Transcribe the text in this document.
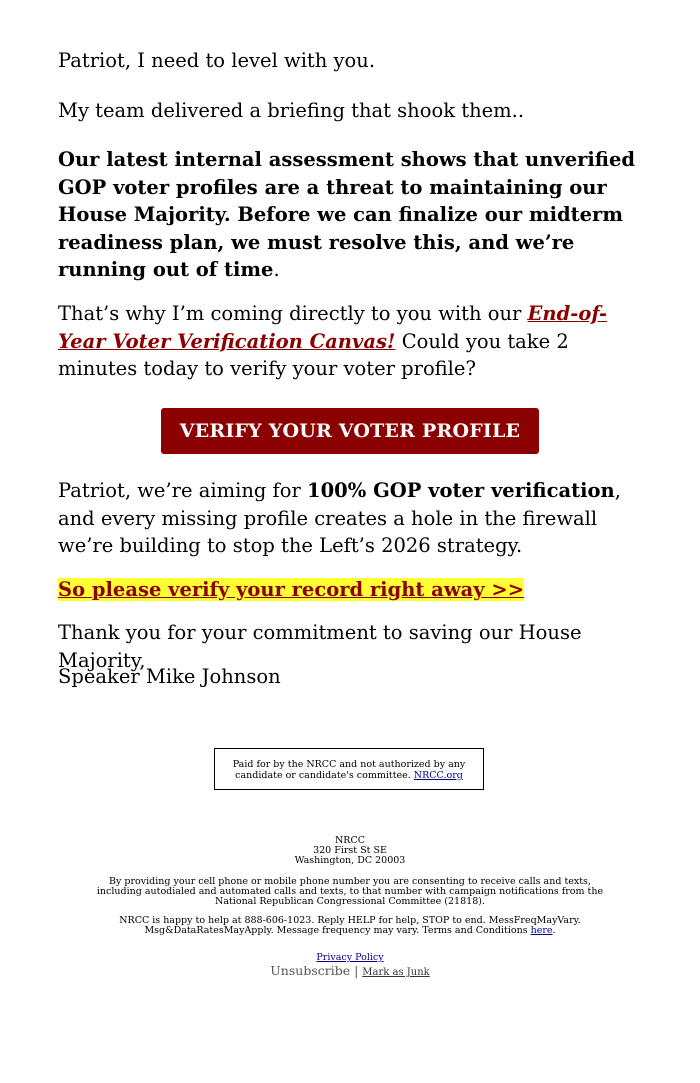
Patriot, I need to level with you.

My team delivered a briefing that shook them..

Our latest internal assessment shows that unverified GOP voter profiles are a threat to maintaining our House Majority. Before we can finalize our midterm readiness plan, we must resolve this, and we’re running out of time.

That’s why I’m coming directly to you with our End-of-Year Voter Verification Canvas! Could you take 2 minutes today to verify your voter profile?

Patriot, we’re aiming for 100% GOP voter verification, and every missing profile creates a hole in the firewall we’re building to stop the Left’s 2026 strategy.

So please verify your record right away >>

Thank you for your commitment to saving our House Majority,

Speaker Mike Johnson

VERIFY YOUR VOTER PROFILE
Paid for by the NRCC and not authorized by any candidate or candidate's committee. NRCC.org
NRCC
320 First St SE
Washington, DC 20003
By providing your cell phone or mobile phone number you are consenting to receive calls and texts, including autodialed and automated calls and texts, to that number with campaign notifications from the National Republican Congressional Committee (21818).
NRCC is happy to help at 888-606-1023. Reply HELP for help, STOP to end. MessFreqMayVary. Msg&DataRatesMayApply. Message frequency may vary. Terms and Conditions here.
Privacy Policy
Unsubscribe | Mark as Junk
